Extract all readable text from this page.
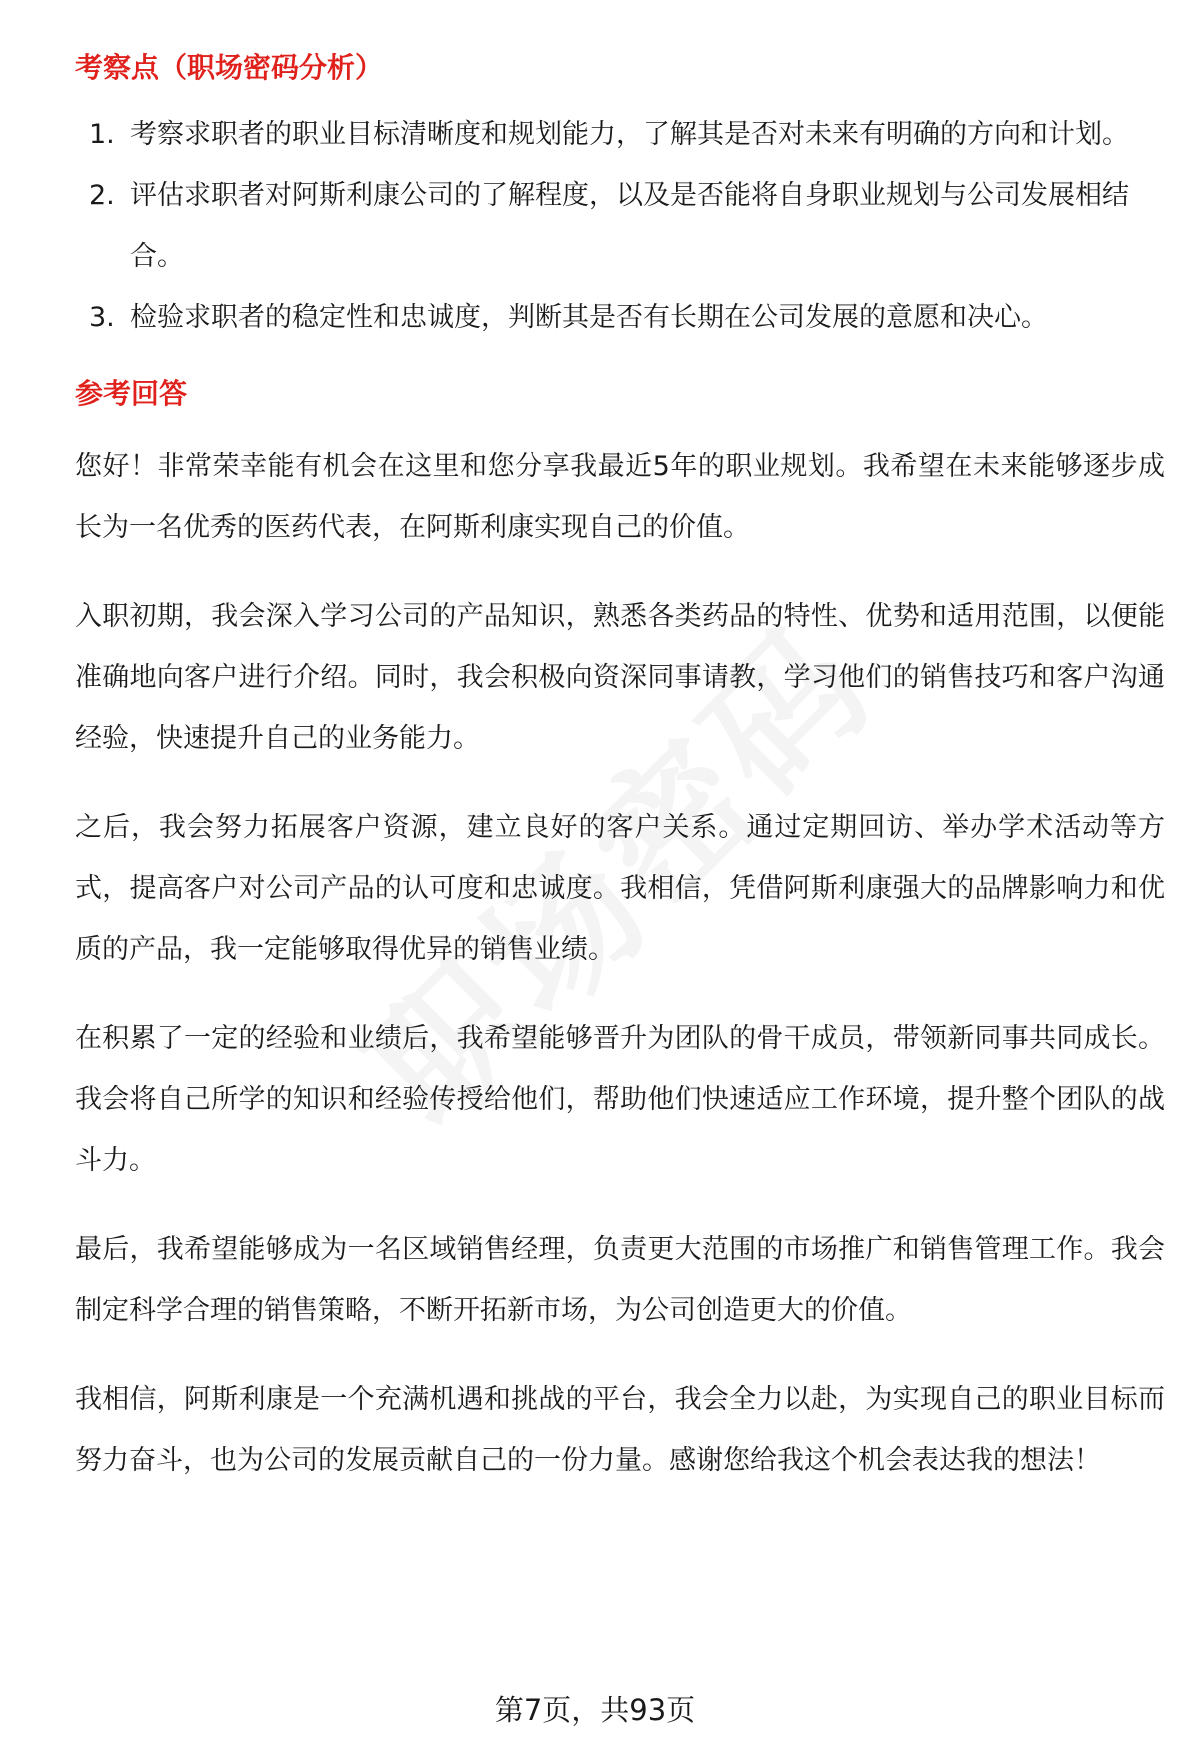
考察点（职场密码分析）
1. 考察求职者的职业目标清晰度和规划能力，了解其是否对未来有明确的方向和计划。
2. 评估求职者对阿斯利康公司的了解程度，以及是否能将自身职业规划与公司发展相结合。
3. 检验求职者的稳定性和忠诚度，判断其是否有长期在公司发展的意愿和决心。
参考回答

您好！非常荣幸能有机会在这里和您分享我最近5年的职业规划。我希望在未来能够逐步成长为一名优秀的医药代表，在阿斯利康实现自己的价值。

入职初期，我会深入学习公司的产品知识，熟悉各类药品的特性、优势和适用范围，以便能准确地向客户进行介绍。同时，我会积极向资深同事请教，学习他们的销售技巧和客户沟通经验，快速提升自己的业务能力。

之后，我会努力拓展客户资源，建立良好的客户关系。通过定期回访、举办学术活动等方式，提高客户对公司产品的认可度和忠诚度。我相信，凭借阿斯利康强大的品牌影响力和优质的产品，我一定能够取得优异的销售业绩。

在积累了一定的经验和业绩后，我希望能够晋升为团队的骨干成员，带领新同事共同成长。我会将自己所学的知识和经验传授给他们，帮助他们快速适应工作环境，提升整个团队的战斗力。

最后，我希望能够成为一名区域销售经理，负责更大范围的市场推广和销售管理工作。我会制定科学合理的销售策略，不断开拓新市场，为公司创造更大的价值。

我相信，阿斯利康是一个充满机遇和挑战的平台，我会全力以赴，为实现自己的职业目标而努力奋斗，也为公司的发展贡献自己的一份力量。感谢您给我这个机会表达我的想法！

第7页，共93页
